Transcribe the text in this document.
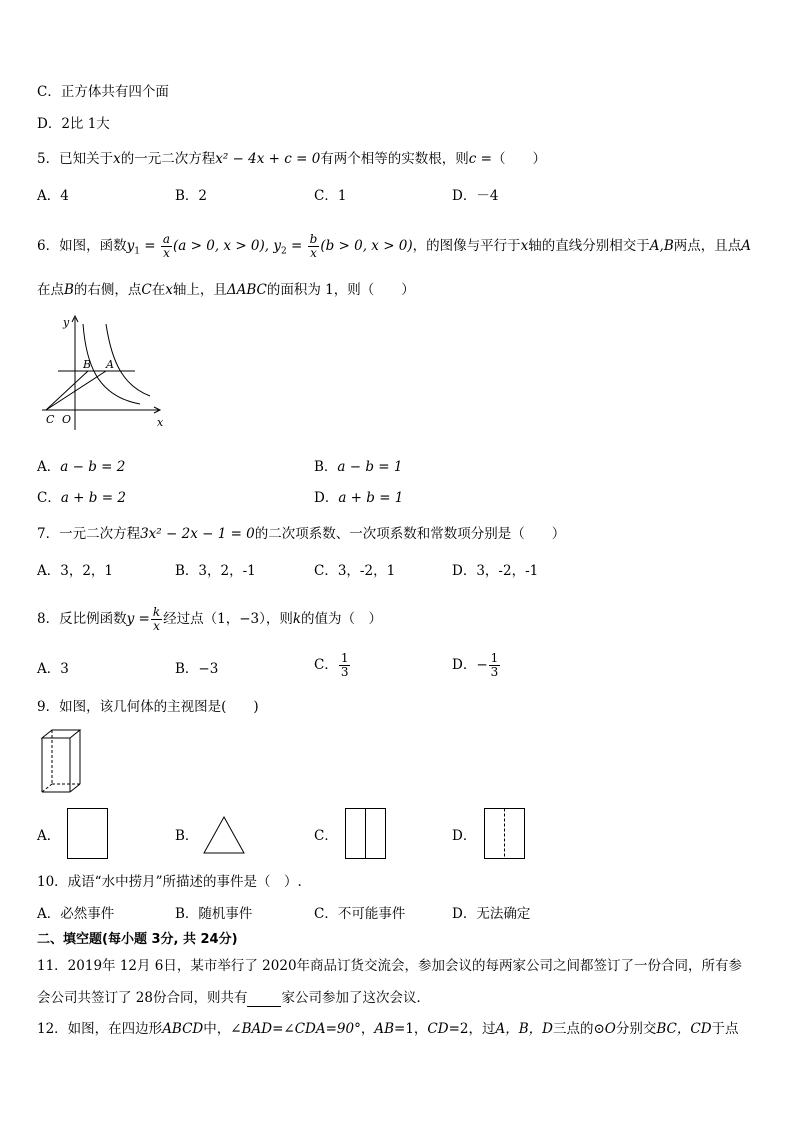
C．正方体共有四个面
D．2比 1大
5．已知关于x的一元二次方程x² − 4x + c = 0有两个相等的实数根，则c =（　　）
A．4	B．2	C．1	D．－4
6．如图，函数$y_1 = \frac{a}{x} (a > 0$, x > 0), $y_2 = \frac{b}{x} (b > 0$, x > 0)，的图像与平行于x轴的直线分别相交于A,B两点，且点A
在点B的右侧，点C在x轴上，且ΔABC的面积为 1，则（　　）
y
B A
C O	x
A．a − b = 2	B．a − b = 1
C．a + b = 2	D．a + b = 1
7．一元二次方程3x² − 2x − 1 = 0的二次项系数、一次项系数和常数项分别是（　　）
A．3，2，1	B．3，2，-1	C．3，-2，1	D．3，-2，-1
8．反比例函数$y = \frac{k}{x}$ 经过点（1，−3），则k的值为（　）
A．3	B．−3	C． $\frac{1}{3}$	D．− $\frac{1}{3}$
9．如图，该几何体的主视图是(　　)
A．	B．	C．	D．
10．成语“水中捞月”所描述的事件是（　）.
A．必然事件	B．随机事件	C．不可能事件	D．无法确定
二、填空题(每小题 3分, 共 24分)
11．2019年 12月 6日，某市举行了 2020年商品订货交流会，参加会议的每两家公司之间都签订了一份合同，所有参
会公司共签订了 28份合同，则共有	家公司参加了这次会议．
12．如图，在四边形ABCD中，∠BAD=∠CDA=90°，AB=1，CD=2，过A，B，D三点的⊙O分别交BC，CD于点
